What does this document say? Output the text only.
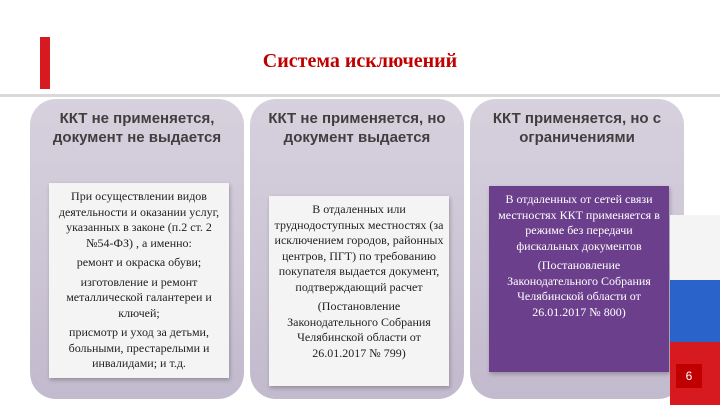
Система исключений
ККТ не применяется, документ не выдается

При осуществлении видов деятельности и оказании услуг, указанных в законе (п.2 ст. 2 №54-ФЗ) , а именно:

ремонт и окраска обуви;

изготовление и ремонт металлической галантереи и ключей;

присмотр и уход за детьми, больными, престарелыми и инвалидами; и т.д.

ККТ не применяется, но документ выдается

В отдаленных или труднодоступных местностях (за исключением городов, районных центров, ПГТ) по требованию покупателя выдается документ, подтверждающий расчет

(Постановление Законодательного Собрания Челябинской области от 26.01.2017 № 799)

ККТ применяется, но с ограничениями

В отдаленных от сетей связи местностях ККТ применяется в режиме без передачи фискальных документов

(Постановление Законодательного Собрания Челябинской области от 26.01.2017 № 800)

6
